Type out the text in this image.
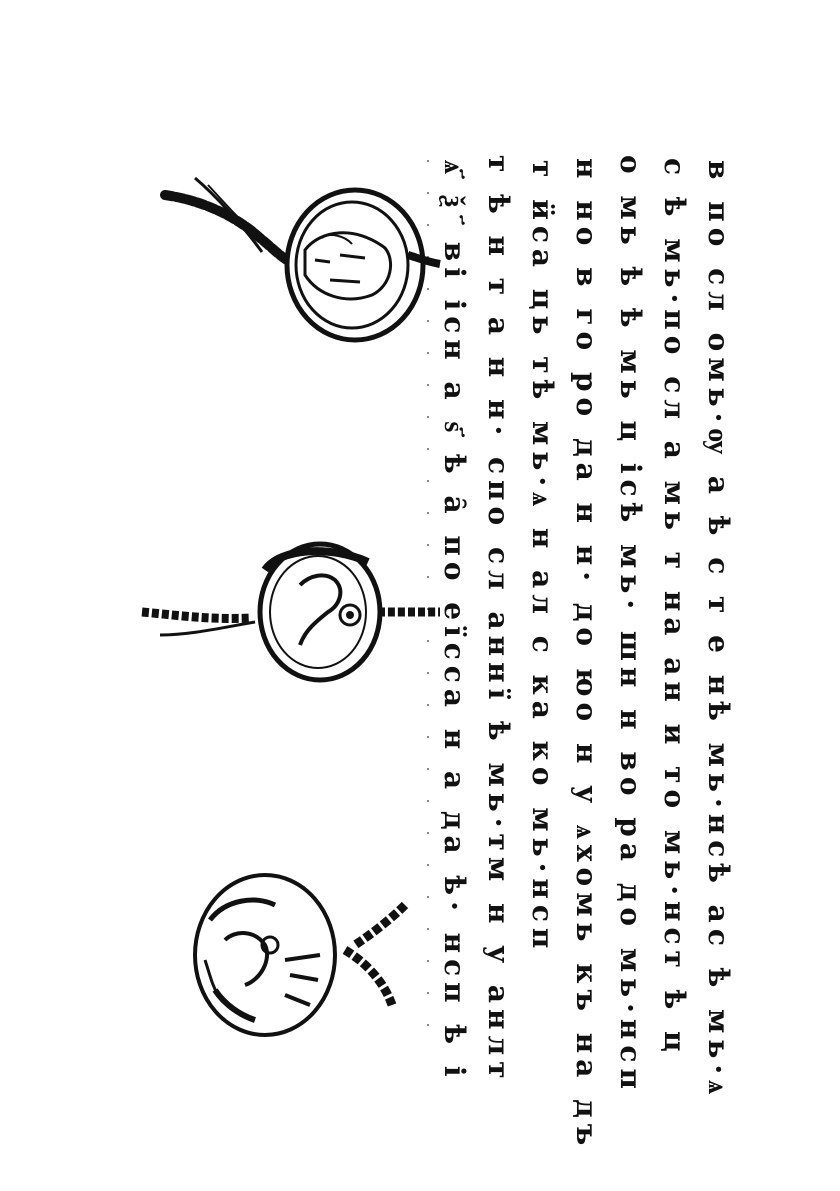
ѧ҃ ѯ ҃ ві існ а ѕ҃ ѣ а̑ по еїсса н а да ѣ· нсп ѣ і т ѣ н т а н н· спо сл аннї ѣ мь·тм н у анлт т ӥса ць тѣ мь·ѧ н ал с ка ко мь·нсп н но в го ро да н н· до юо н у ѧхомь къ на дъ о мь ѣ ѣ мь ц ісѣ мь· шн н во ра до мь·нсп с ѣ мь·по сл а мь т на ан и то мь·нст ѣ ц в по сл омь·ѹ а ѣ с т е нѣ мь·нсѣ ас ѣ мь·ѧ
